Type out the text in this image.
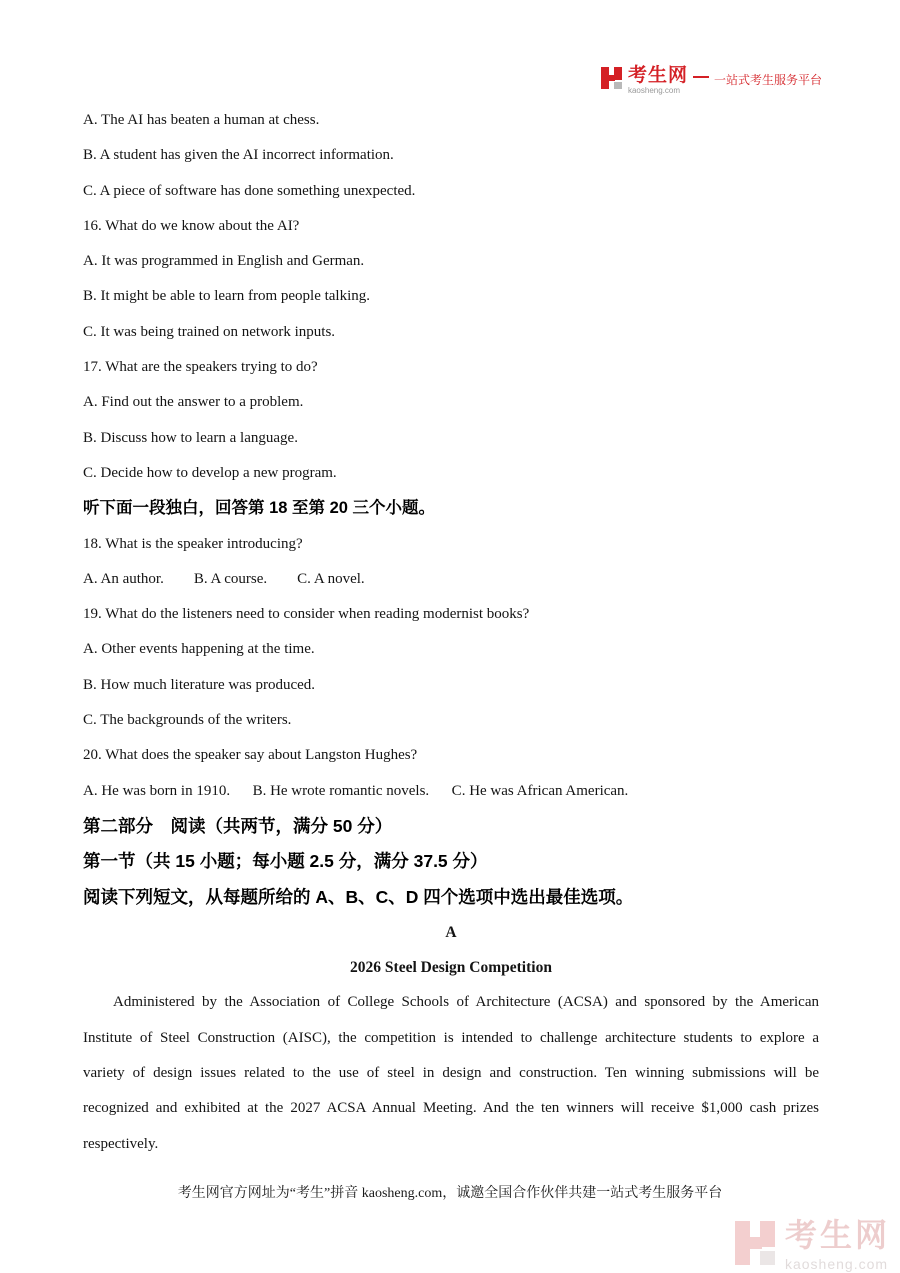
考生网
kaosheng.com
一站式考生服务平台

A. The AI has beaten a human at chess.

B. A student has given the AI incorrect information.

C. A piece of software has done something unexpected.

16. What do we know about the AI?

A. It was programmed in English and German.

B. It might be able to learn from people talking.

C. It was being trained on network inputs.

17. What are the speakers trying to do?

A. Find out the answer to a problem.

B. Discuss how to learn a language.

C. Decide how to develop a new program.

听下面一段独白，回答第 18 至第 20 三个小题。

18. What is the speaker introducing?

A. An author.        B. A course.        C. A novel.

19. What do the listeners need to consider when reading modernist books?

A. Other events happening at the time.

B. How much literature was produced.

C. The backgrounds of the writers.

20. What does the speaker say about Langston Hughes?

A. He was born in 1910.      B. He wrote romantic novels.      C. He was African American.

第二部分　阅读（共两节，满分 50 分）

第一节（共 15 小题；每小题 2.5 分，满分 37.5 分）

阅读下列短文，从每题所给的 A、B、C、D 四个选项中选出最佳选项。

A

2026 Steel Design Competition

Administered by the Association of College Schools of Architecture (ACSA) and sponsored by the American Institute of Steel Construction (AISC), the competition is intended to challenge architecture students to explore a variety of design issues related to the use of steel in design and construction. Ten winning submissions will be recognized and exhibited at the 2027 ACSA Annual Meeting. And the ten winners will receive $1,000 cash prizes respectively.

考生网官方网址为“考生”拼音 kaosheng.com，诚邀全国合作伙伴共建一站式考生服务平台
考生网
kaosheng.com
